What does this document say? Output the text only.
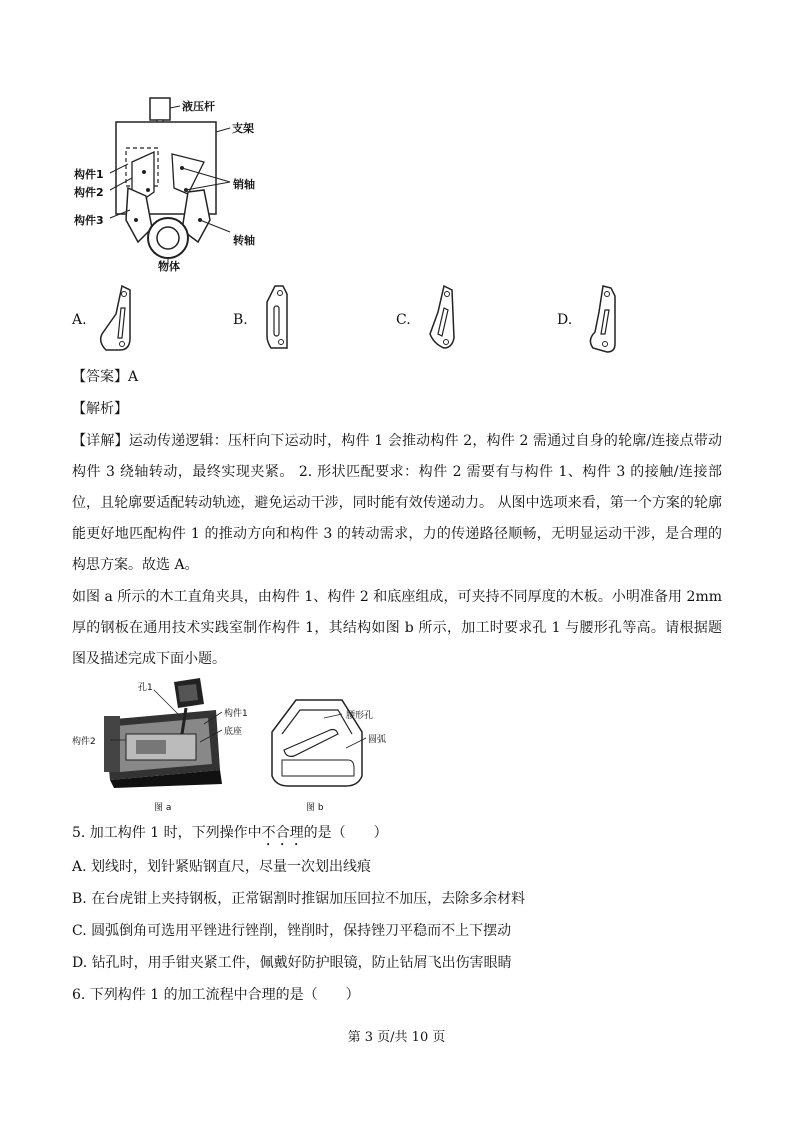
液压杆
支架
构件1
构件2
构件3
销轴
转轴
物体
A.	B.	C.	D.
【答案】A
【解析】
【详解】运动传递逻辑：压杆向下运动时，构件 1 会推动构件 2，构件 2 需通过自身的轮廓/连接点带动构件 3 绕轴转动，最终实现夹紧。 2. 形状匹配要求：构件 2 需要有与构件 1、构件 3 的接触/连接部位，且轮廓要适配转动轨迹，避免运动干涉，同时能有效传递动力。 从图中选项来看，第一个方案的轮廓能更好地匹配构件 1 的推动方向和构件 3 的转动需求，力的传递路径顺畅，无明显运动干涉，是合理的构思方案。故选 A。
如图 a 所示的木工直角夹具，由构件 1、构件 2 和底座组成，可夹持不同厚度的木板。小明准备用 2mm 厚的钢板在通用技术实践室制作构件 1，其结构如图 b 所示，加工时要求孔 1 与腰形孔等高。请根据题图及描述完成下面小题。
孔1
构件1
底座
构件2
腰形孔
圆弧
图 a	图 b
5. 加工构件 1 时，下列操作中不合理的是（　　）
A. 划线时，划针紧贴钢直尺，尽量一次划出线痕
B. 在台虎钳上夹持钢板，正常锯割时推锯加压回拉不加压，去除多余材料
C. 圆弧倒角可选用平锉进行锉削，锉削时，保持锉刀平稳而不上下摆动
D. 钻孔时，用手钳夹紧工件，佩戴好防护眼镜，防止钻屑飞出伤害眼睛
6. 下列构件 1 的加工流程中合理的是（　　）
第 3 页/共 10 页
